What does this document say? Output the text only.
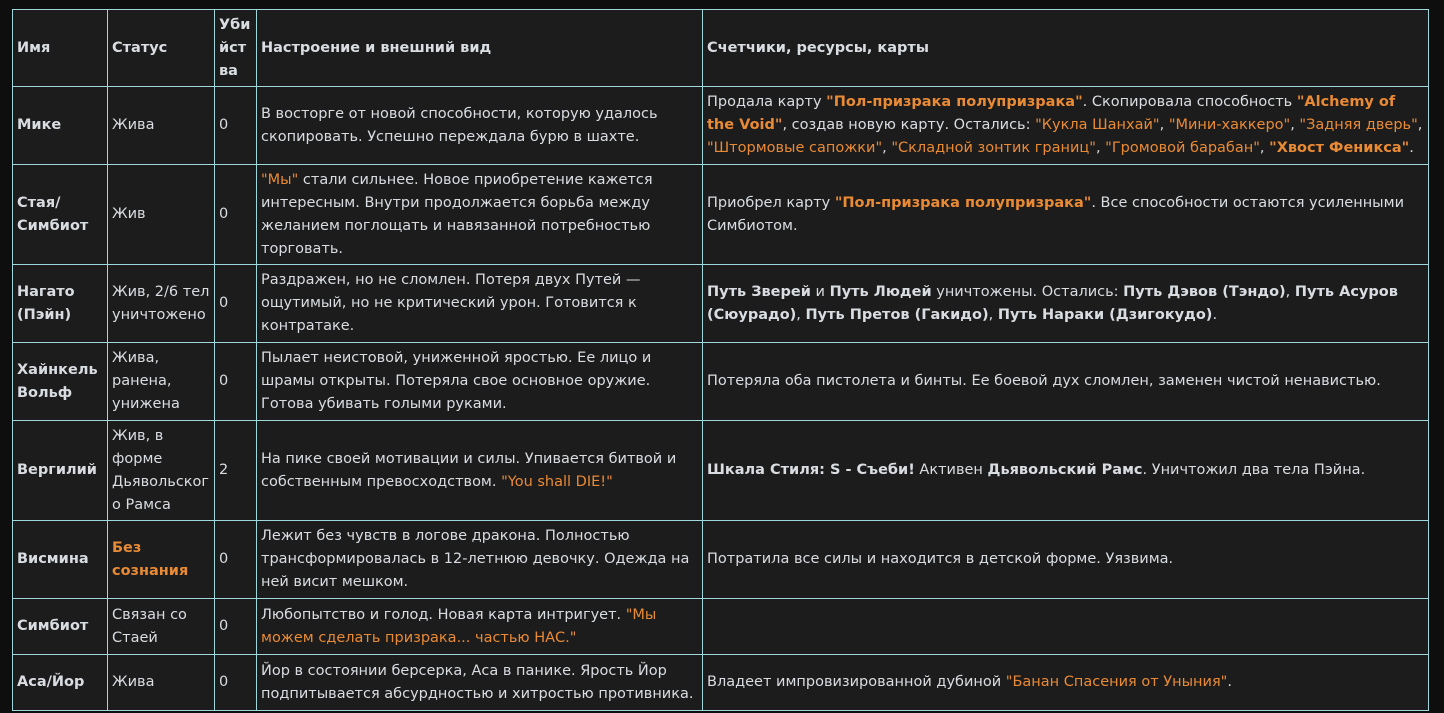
Имя	Статус	Убийства	Настроение и внешний вид	Счетчики, ресурсы, карты
Мике	Жива	0	В восторге от новой способности, которую удалось скопировать. Успешно переждала бурю в шахте.	Продала карту "Пол-призрака полупризрака". Скопировала способность "Alchemy of the Void", создав новую карту. Остались: "Кукла Шанхай", "Мини-хаккеро", "Задняя дверь", "Штормовые сапожки", "Складной зонтик границ", "Громовой барабан", "Хвост Феникса".
Стая/ Симбиот	Жив	0	"Мы" стали сильнее. Новое приобретение кажется интересным. Внутри продолжается борьба между желанием поглощать и навязанной потребностью торговать.	Приобрел карту "Пол-призрака полупризрака". Все способности остаются усиленными Симбиотом.
Нагато (Пэйн)	Жив, 2/6 тел уничтожено	0	Раздражен, но не сломлен. Потеря двух Путей — ощутимый, но не критический урон. Готовится к контратаке.	Путь Зверей и Путь Людей уничтожены. Остались: Путь Дэвов (Тэндо), Путь Асуров (Сюурадо), Путь Претов (Гакидо), Путь Нараки (Дзигокудо).
Хайнкель Вольф	Жива, ранена, унижена	0	Пылает неистовой, униженной яростью. Ее лицо и шрамы открыты. Потеряла свое основное оружие. Готова убивать голыми руками.	Потеряла оба пистолета и бинты. Ее боевой дух сломлен, заменен чистой ненавистью.
Вергилий	Жив, в форме Дьявольского Рамса	2	На пике своей мотивации и силы. Упивается битвой и собственным превосходством. "You shall DIE!"	Шкала Стиля: S - Съеби! Активен Дьявольский Рамс. Уничтожил два тела Пэйна.
Висмина	Без сознания	0	Лежит без чувств в логове дракона. Полностью трансформировалась в 12-летнюю девочку. Одежда на ней висит мешком.	Потратила все силы и находится в детской форме. Уязвима.
Симбиот	Связан со Стаей	0	Любопытство и голод. Новая карта интригует. "Мы можем сделать призрака... частью НАС."	
Аса/Йор	Жива	0	Йор в состоянии берсерка, Аса в панике. Ярость Йор подпитывается абсурдностью и хитростью противника.	Владеет импровизированной дубиной "Банан Спасения от Уныния".
